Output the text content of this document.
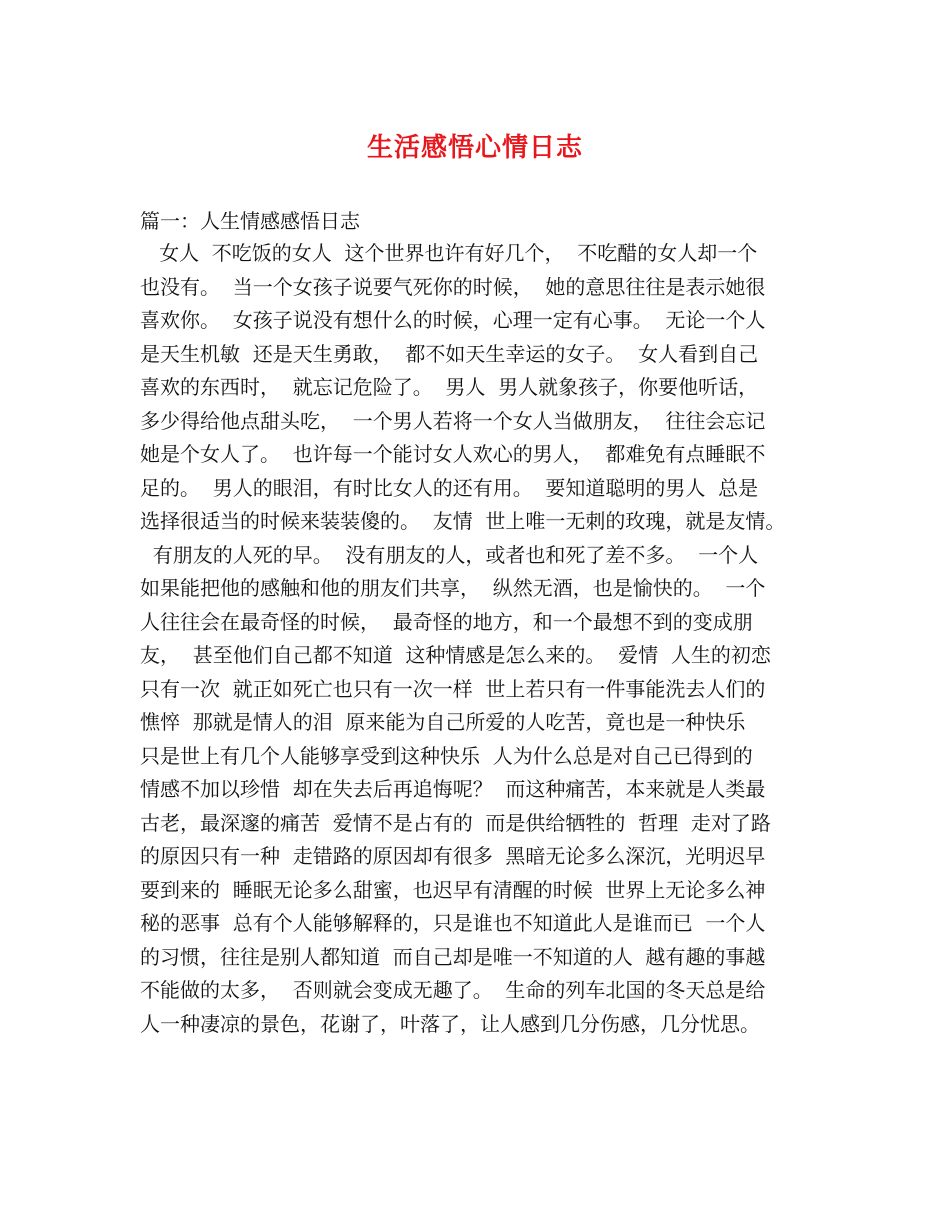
生活感悟心情日志
篇一：人生情感感悟日志
女人  不吃饭的女人  这个世界也许有好几个，  不吃醋的女人却一个
也没有。  当一个女孩子说要气死你的时候，  她的意思往往是表示她很
喜欢你。  女孩子说没有想什么的时候，心理一定有心事。  无论一个人
是天生机敏  还是天生勇敢，  都不如天生幸运的女子。  女人看到自己
喜欢的东西时，  就忘记危险了。  男人  男人就象孩子，你要他听话，
多少得给他点甜头吃，  一个男人若将一个女人当做朋友，  往往会忘记
她是个女人了。  也许每一个能讨女人欢心的男人，  都难免有点睡眠不
足的。  男人的眼泪，有时比女人的还有用。  要知道聪明的男人  总是
选择很适当的时候来装装傻的。  友情  世上唯一无刺的玫瑰，就是友情。
有朋友的人死的早。  没有朋友的人，或者也和死了差不多。  一个人
如果能把他的感触和他的朋友们共享，  纵然无酒，也是愉快的。  一个
人往往会在最奇怪的时候，  最奇怪的地方，和一个最想不到的变成朋
友，  甚至他们自己都不知道  这种情感是怎么来的。  爱情  人生的初恋
只有一次  就正如死亡也只有一次一样  世上若只有一件事能洗去人们的
憔悴  那就是情人的泪  原来能为自己所爱的人吃苦，竟也是一种快乐
只是世上有几个人能够享受到这种快乐  人为什么总是对自己已得到的
情感不加以珍惜  却在失去后再追悔呢？  而这种痛苦，本来就是人类最
古老，最深邃的痛苦  爱情不是占有的  而是供给牺牲的  哲理  走对了路
的原因只有一种  走错路的原因却有很多  黑暗无论多么深沉，光明迟早
要到来的  睡眠无论多么甜蜜，也迟早有清醒的时候  世界上无论多么神
秘的恶事  总有个人能够解释的，只是谁也不知道此人是谁而已  一个人
的习惯，往往是别人都知道  而自己却是唯一不知道的人  越有趣的事越
不能做的太多，  否则就会变成无趣了。  生命的列车北国的冬天总是给
人一种凄凉的景色，花谢了，叶落了，让人感到几分伤感，几分忧思。
